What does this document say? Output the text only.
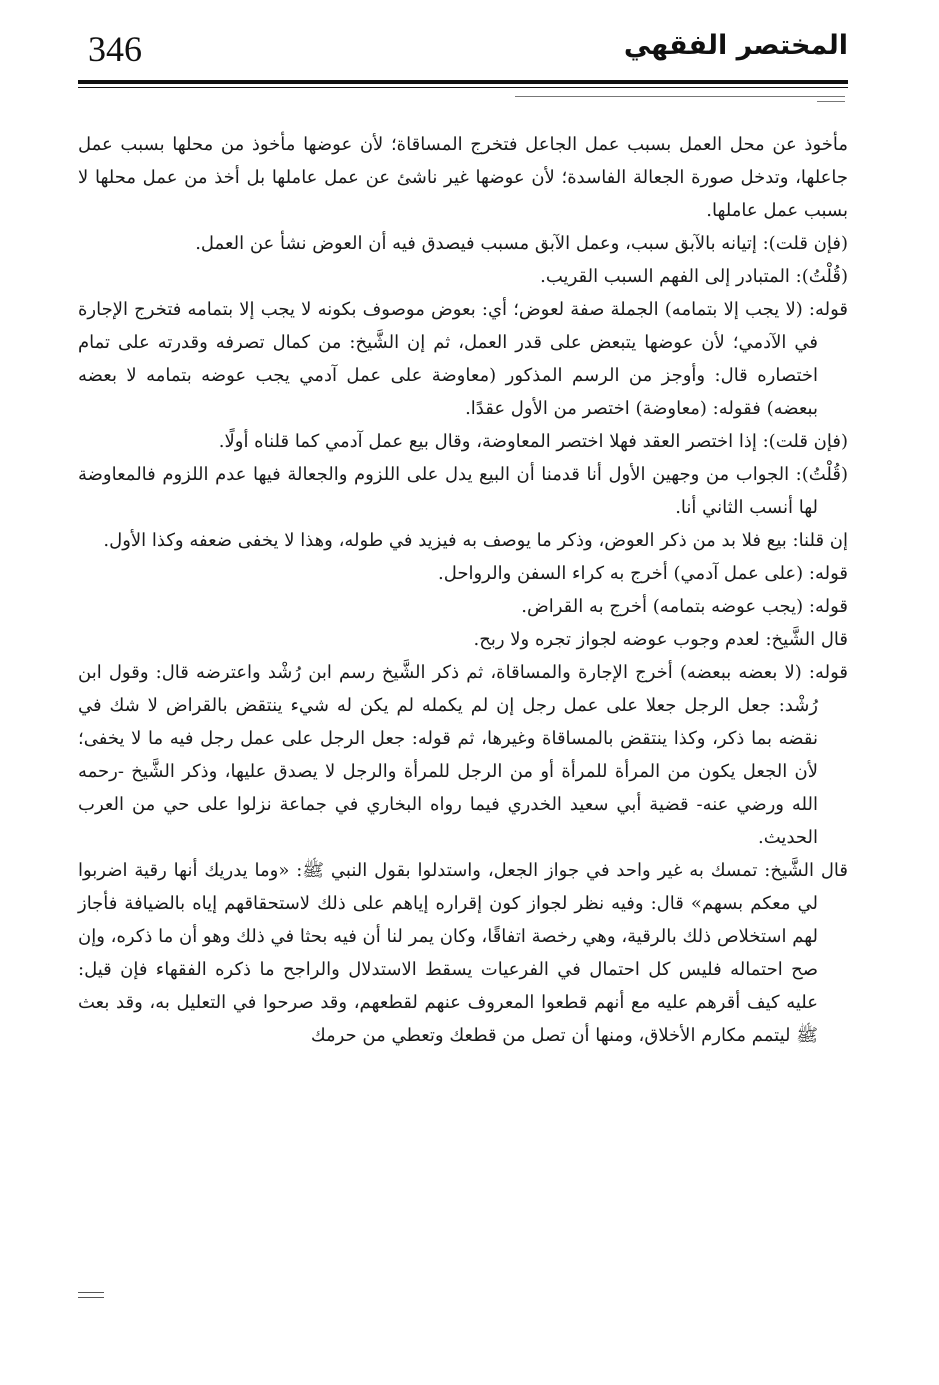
346	المختصر الفقهي

مأخوذ عن محل العمل بسبب عمل الجاعل فتخرج المساقاة؛ لأن عوضها مأخوذ من محلها بسبب عمل جاعلها، وتدخل صورة الجعالة الفاسدة؛ لأن عوضها غير ناشئ عن عمل عاملها بل أخذ من عمل محلها لا بسبب عمل عاملها.

(فإن قلت): إتيانه بالآبق سبب، وعمل الآبق مسبب فيصدق فيه أن العوض نشأ عن العمل.

(قُلْتُ): المتبادر إلى الفهم السبب القريب.

قوله: (لا يجب إلا بتمامه) الجملة صفة لعوض؛ أي: بعوض موصوف بكونه لا يجب إلا بتمامه فتخرج الإجارة في الآدمي؛ لأن عوضها يتبعض على قدر العمل، ثم إن الشَّيخ: من كمال تصرفه وقدرته على تمام اختصاره قال: وأوجز من الرسم المذكور (معاوضة على عمل آدمي يجب عوضه بتمامه لا بعضه ببعضه) فقوله: (معاوضة) اختصر من الأول عقدًا.

(فإن قلت): إذا اختصر العقد فهلا اختصر المعاوضة، وقال بيع عمل آدمي كما قلناه أولًا.

(قُلْتُ): الجواب من وجهين الأول أنا قدمنا أن البيع يدل على اللزوم والجعالة فيها عدم اللزوم فالمعاوضة لها أنسب الثاني أنا.

إن قلنا: بيع فلا بد من ذكر العوض، وذكر ما يوصف به فيزيد في طوله، وهذا لا يخفى ضعفه وكذا الأول.

قوله: (على عمل آدمي) أخرج به كراء السفن والرواحل.

قوله: (يجب عوضه بتمامه) أخرج به القراض.

قال الشَّيخ: لعدم وجوب عوضه لجواز تجره ولا ربح.

قوله: (لا بعضه ببعضه) أخرج الإجارة والمساقاة، ثم ذكر الشَّيخ رسم ابن رُشْد واعترضه قال: وقول ابن رُشْد: جعل الرجل جعلا على عمل رجل إن لم يكمله لم يكن له شيء ينتقض بالقراض لا شك في نقضه بما ذكر، وكذا ينتقض بالمساقاة وغيرها، ثم قوله: جعل الرجل على عمل رجل فيه ما لا يخفى؛ لأن الجعل يكون من المرأة للمرأة أو من الرجل للمرأة والرجل لا يصدق عليها، وذكر الشَّيخ -رحمه الله ورضي عنه- قضية أبي سعيد الخدري فيما رواه البخاري في جماعة نزلوا على حي من العرب الحديث.

قال الشَّيخ: تمسك به غير واحد في جواز الجعل، واستدلوا بقول النبي ﷺ: «وما يدريك أنها رقية اضربوا لي معكم بسهم» قال: وفيه نظر لجواز كون إقراره إياهم على ذلك لاستحقاقهم إياه بالضيافة فأجاز لهم استخلاص ذلك بالرقية، وهي رخصة اتفاقًا، وكان يمر لنا أن فيه بحثا في ذلك وهو أن ما ذكره، وإن صح احتماله فليس كل احتمال في الفرعيات يسقط الاستدلال والراجح ما ذكره الفقهاء فإن قيل: عليه كيف أقرهم عليه مع أنهم قطعوا المعروف عنهم لقطعهم، وقد صرحوا في التعليل به، وقد بعث ﷺ ليتمم مكارم الأخلاق، ومنها أن تصل من قطعك وتعطي من حرمك
